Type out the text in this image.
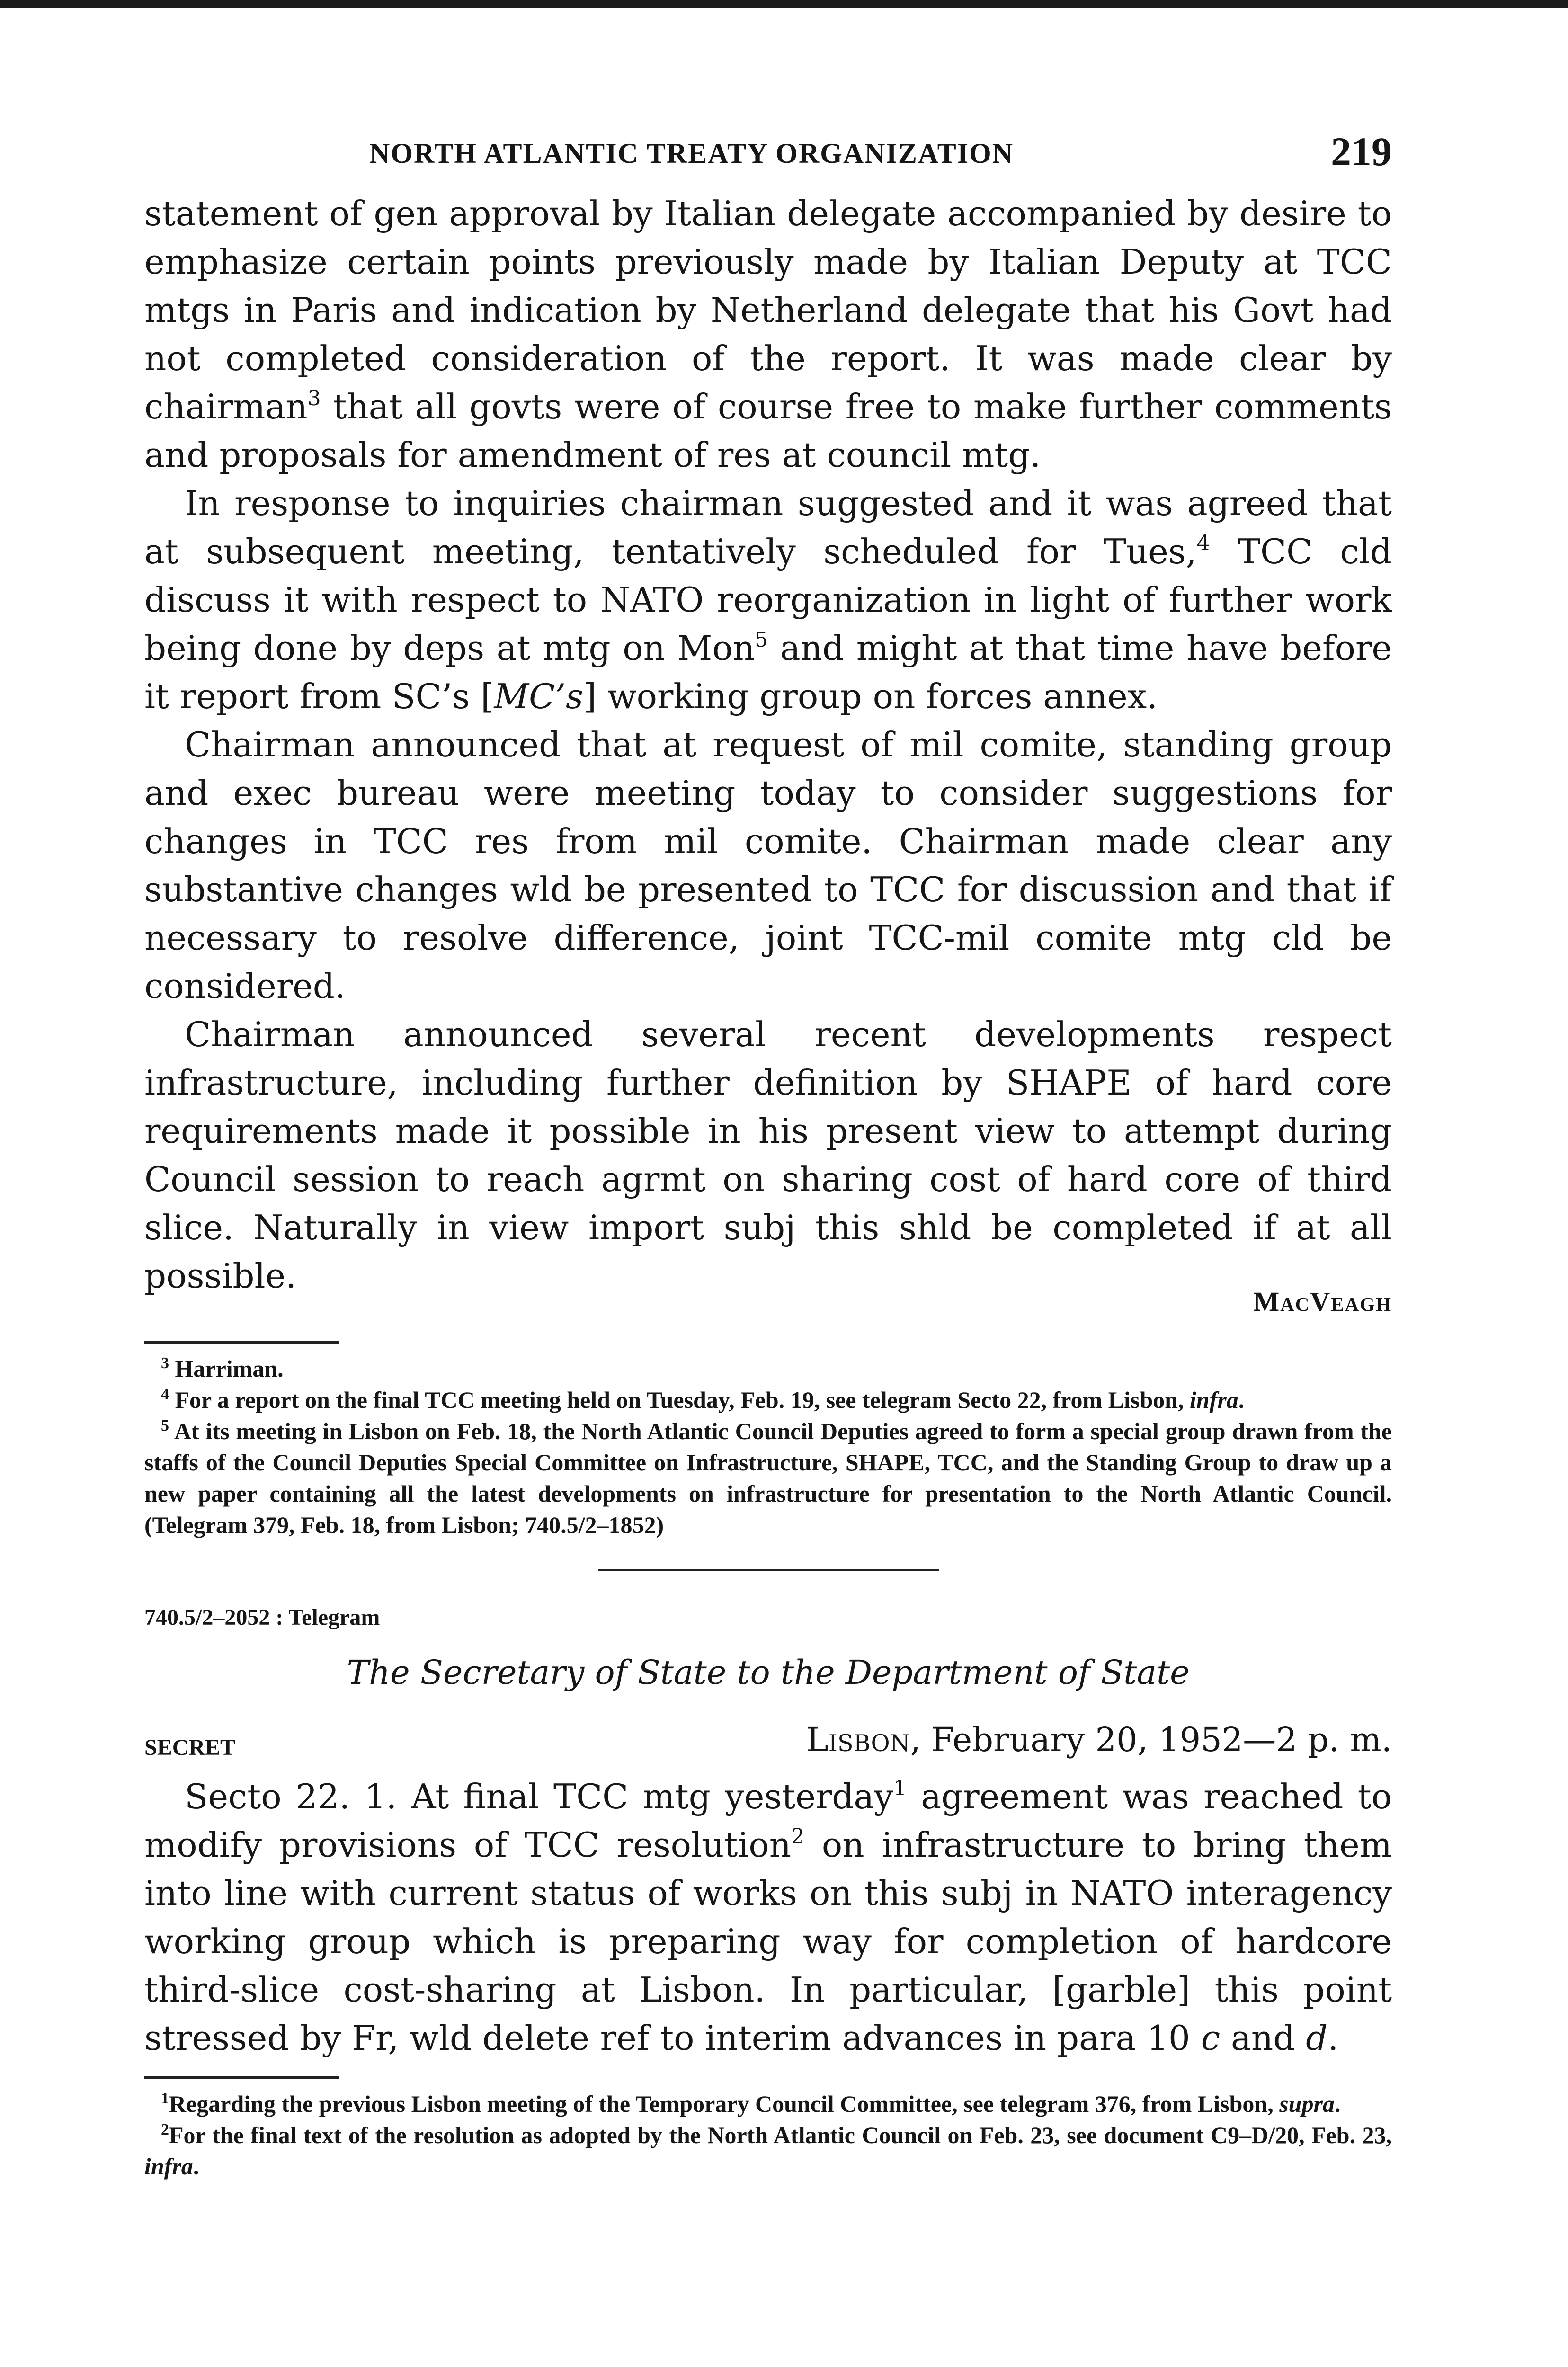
NORTH ATLANTIC TREATY ORGANIZATION	219

statement of gen approval by Italian delegate accompanied by desire to emphasize certain points previously made by Italian Deputy at TCC mtgs in Paris and indication by Netherland delegate that his Govt had not completed consideration of the report. It was made clear by chairman$^3$ that all govts were of course free to make further comments and proposals for amendment of res at council mtg.

In response to inquiries chairman suggested and it was agreed that at subsequent meeting, tentatively scheduled for Tues,$^4$ TCC cld discuss it with respect to NATO reorganization in light of further work being done by deps at mtg on Mon$^5$ and might at that time have before it report from SC’s [MC’s] working group on forces annex.

Chairman announced that at request of mil comite, standing group and exec bureau were meeting today to consider suggestions for changes in TCC res from mil comite. Chairman made clear any substantive changes wld be presented to TCC for discussion and that if necessary to resolve difference, joint TCC-mil comite mtg cld be considered.

Chairman announced several recent developments respect infrastructure, including further definition by SHAPE of hard core requirements made it possible in his present view to attempt during Council session to reach agrmt on sharing cost of hard core of third slice. Naturally in view import subj this shld be completed if at all possible.

MacVeagh

$^3$ Harriman.

$^4$ For a report on the final TCC meeting held on Tuesday, Feb. 19, see telegram Secto 22, from Lisbon, infra.

$^5$ At its meeting in Lisbon on Feb. 18, the North Atlantic Council Deputies agreed to form a special group drawn from the staffs of the Council Deputies Special Committee on Infrastructure, SHAPE, TCC, and the Standing Group to draw up a new paper containing all the latest developments on infrastructure for presentation to the North Atlantic Council. (Telegram 379, Feb. 18, from Lisbon; 740.5/2–1852)

740.5/2–2052 : Telegram

The Secretary of State to the Department of State

SECRET	Lisbon, February 20, 1952—2 p. m.

Secto 22. 1. At final TCC mtg yesterday$^1$ agreement was reached to modify provisions of TCC resolution$^2$ on infrastructure to bring them into line with current status of works on this subj in NATO interagency working group which is preparing way for completion of hardcore third-slice cost-sharing at Lisbon. In particular, [garble] this point stressed by Fr, wld delete ref to interim advances in para 10 c and d.

$^1$Regarding the previous Lisbon meeting of the Temporary Council Committee, see telegram 376, from Lisbon, supra.

$^2$For the final text of the resolution as adopted by the North Atlantic Council on Feb. 23, see document C9–D/20, Feb. 23, infra.
